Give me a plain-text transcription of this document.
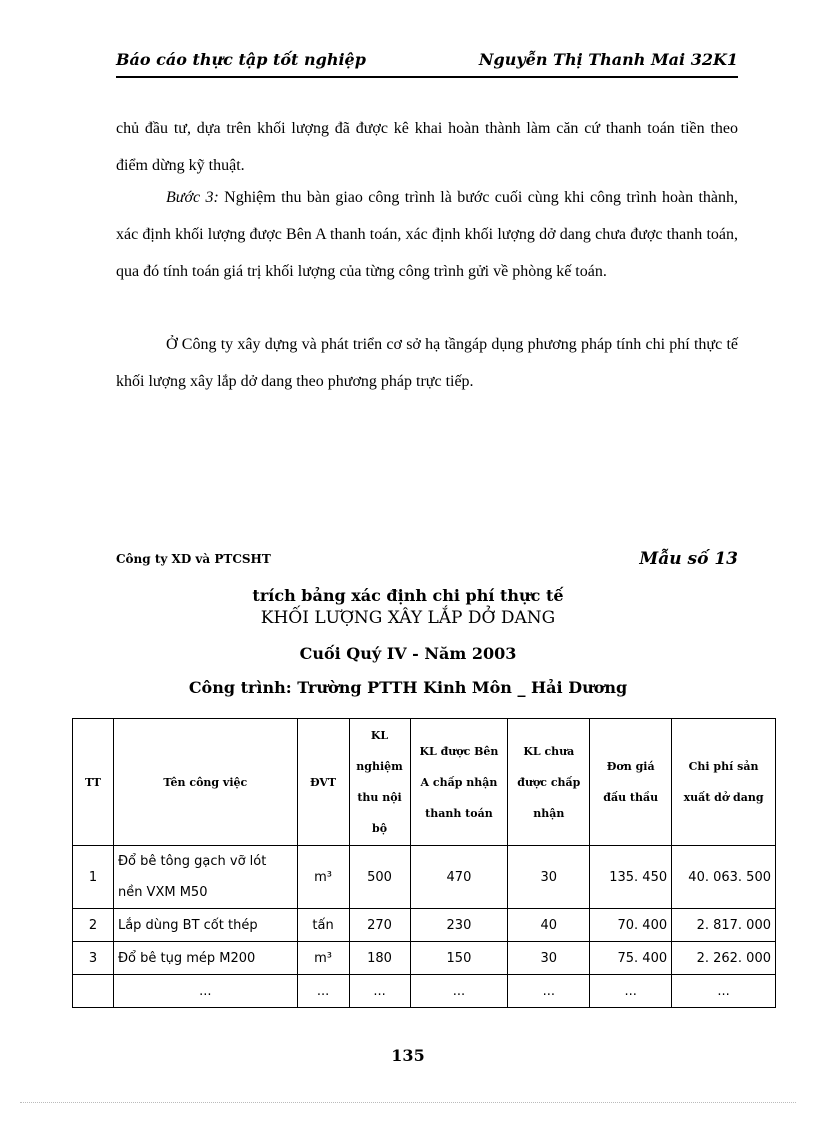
Báo cáo thực tập tốt nghiệp	Nguyễn Thị Thanh Mai 32K1
chủ đầu tư, dựa trên khối lượng đã được kê khai hoàn thành làm căn cứ thanh toán tiền theo điểm dừng kỹ thuật.
Bước 3: Nghiệm thu bàn giao công trình là bước cuối cùng khi công trình hoàn thành, xác định khối lượng được Bên A thanh toán, xác định khối lượng dở dang chưa được thanh toán, qua đó tính toán giá trị khối lượng của từng công trình gửi về phòng kế toán.
Ở Công ty xây dựng và phát triển cơ sở hạ tầngáp dụng phương pháp tính chi phí thực tế khối lượng xây lắp dở dang theo phương pháp trực tiếp.
Công ty XD và PTCSHT	Mẫu số 13
trích bảng xác định chi phí thực tế
KHỐI LƯỢNG XÂY LẮP DỞ DANG
Cuối Quý IV - Năm 2003
Công trình: Trường PTTH Kinh Môn _ Hải Dương
TT	Tên công việc	ĐVT	KL nghiệm thu nội bộ	KL được Bên A chấp nhận thanh toán	KL chưa được chấp nhận	Đơn giá đấu thầu	Chi phí sản xuất dở dang
1	Đổ bê tông gạch vỡ lót nền VXM M50	m³	500	470	30	135. 450	40. 063. 500
2	Lắp dùng BT cốt thép	tấn	270	230	40	70. 400	2. 817. 000
3	Đổ bê tụg mép M200	m³	180	150	30	75. 400	2. 262. 000
	...	...	...	...	...	...	...
135
